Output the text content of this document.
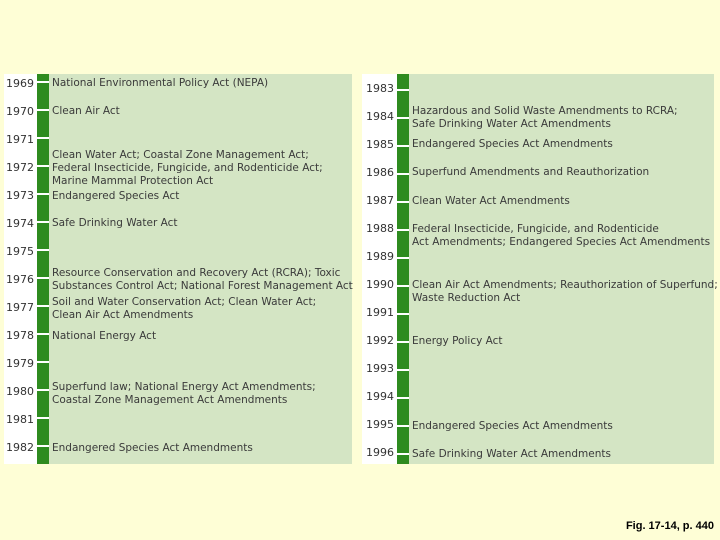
1969
1970
1971
1972
1973
1974
1975
1976
1977
1978
1979
1980
1981
1982
National Environmental Policy Act (NEPA)
Clean Air Act
Clean Water Act; Coastal Zone Management Act;
Federal Insecticide, Fungicide, and Rodenticide Act;
Marine Mammal Protection Act
Endangered Species Act
Safe Drinking Water Act
Resource Conservation and Recovery Act (RCRA); Toxic
Substances Control Act; National Forest Management Act
Soil and Water Conservation Act; Clean Water Act;
Clean Air Act Amendments
National Energy Act
Superfund law; National Energy Act Amendments;
Coastal Zone Management Act Amendments
Endangered Species Act Amendments
1983
1984
1985
1986
1987
1988
1989
1990
1991
1992
1993
1994
1995
1996
Hazardous and Solid Waste Amendments to RCRA;
Safe Drinking Water Act Amendments
Endangered Species Act Amendments
Superfund Amendments and Reauthorization
Clean Water Act Amendments
Federal Insecticide, Fungicide, and Rodenticide
Act Amendments; Endangered Species Act Amendments
Clean Air Act Amendments; Reauthorization of Superfund;
Waste Reduction Act
Energy Policy Act
Endangered Species Act Amendments
Safe Drinking Water Act Amendments
Fig. 17-14, p. 440
